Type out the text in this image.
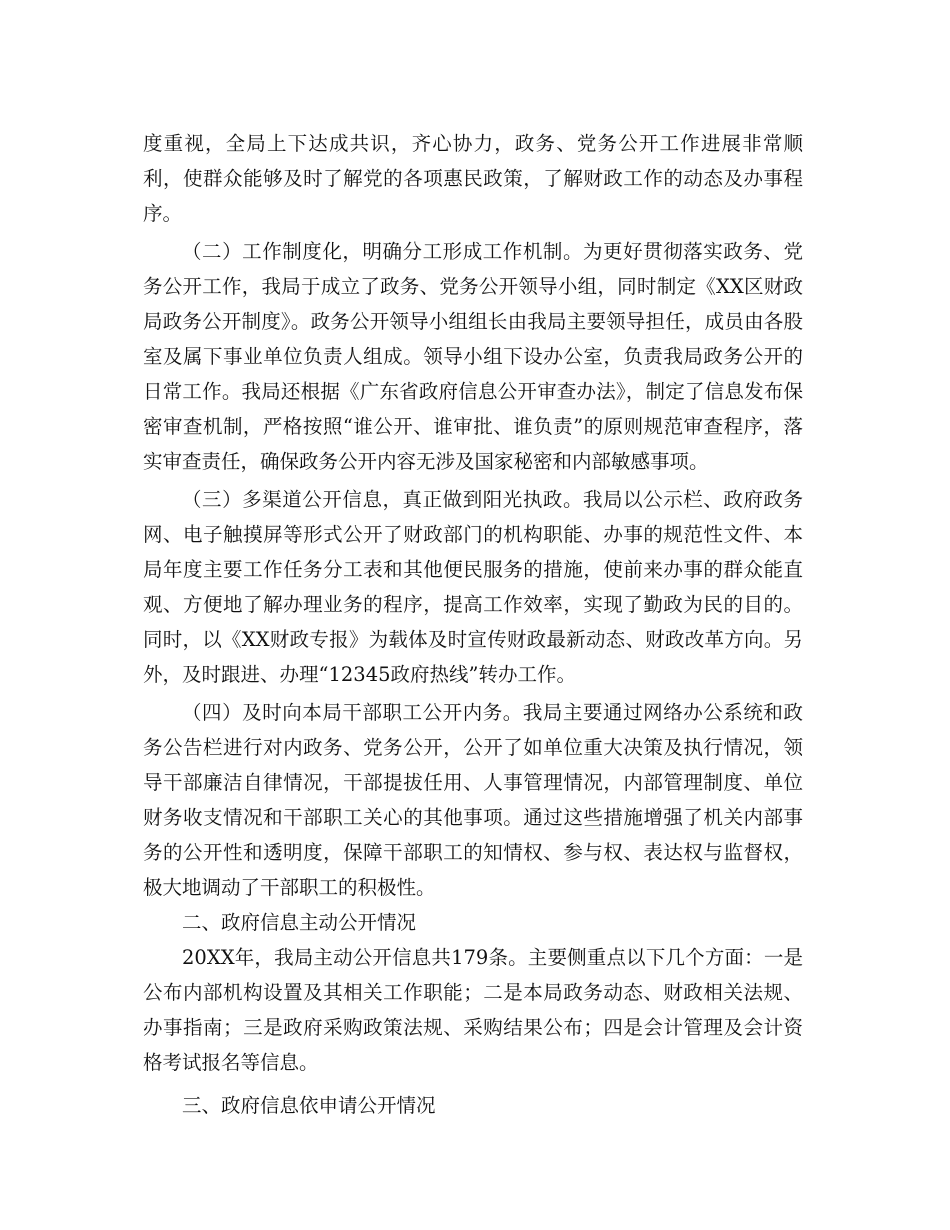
度重视，全局上下达成共识，齐心协力，政务、党务公开工作进展非常顺利，使群众能够及时了解党的各项惠民政策，了解财政工作的动态及办事程序。

（二）工作制度化，明确分工形成工作机制。为更好贯彻落实政务、党务公开工作，我局于成立了政务、党务公开领导小组，同时制定《XX区财政局政务公开制度》。政务公开领导小组组长由我局主要领导担任，成员由各股室及属下事业单位负责人组成。领导小组下设办公室，负责我局政务公开的日常工作。我局还根据《广东省政府信息公开审查办法》，制定了信息发布保密审查机制，严格按照“谁公开、谁审批、谁负责”的原则规范审查程序，落实审查责任，确保政务公开内容无涉及国家秘密和内部敏感事项。

（三）多渠道公开信息，真正做到阳光执政。我局以公示栏、政府政务网、电子触摸屏等形式公开了财政部门的机构职能、办事的规范性文件、本局年度主要工作任务分工表和其他便民服务的措施，使前来办事的群众能直观、方便地了解办理业务的程序，提高工作效率，实现了勤政为民的目的。同时，以《XX财政专报》为载体及时宣传财政最新动态、财政改革方向。另外，及时跟进、办理“12345政府热线”转办工作。

（四）及时向本局干部职工公开内务。我局主要通过网络办公系统和政务公告栏进行对内政务、党务公开，公开了如单位重大决策及执行情况，领导干部廉洁自律情况，干部提拔任用、人事管理情况，内部管理制度、单位财务收支情况和干部职工关心的其他事项。通过这些措施增强了机关内部事务的公开性和透明度，保障干部职工的知情权、参与权、表达权与监督权，极大地调动了干部职工的积极性。

二、政府信息主动公开情况

20XX年，我局主动公开信息共179条。主要侧重点以下几个方面：一是公布内部机构设置及其相关工作职能；二是本局政务动态、财政相关法规、办事指南；三是政府采购政策法规、采购结果公布；四是会计管理及会计资格考试报名等信息。

三、政府信息依申请公开情况
